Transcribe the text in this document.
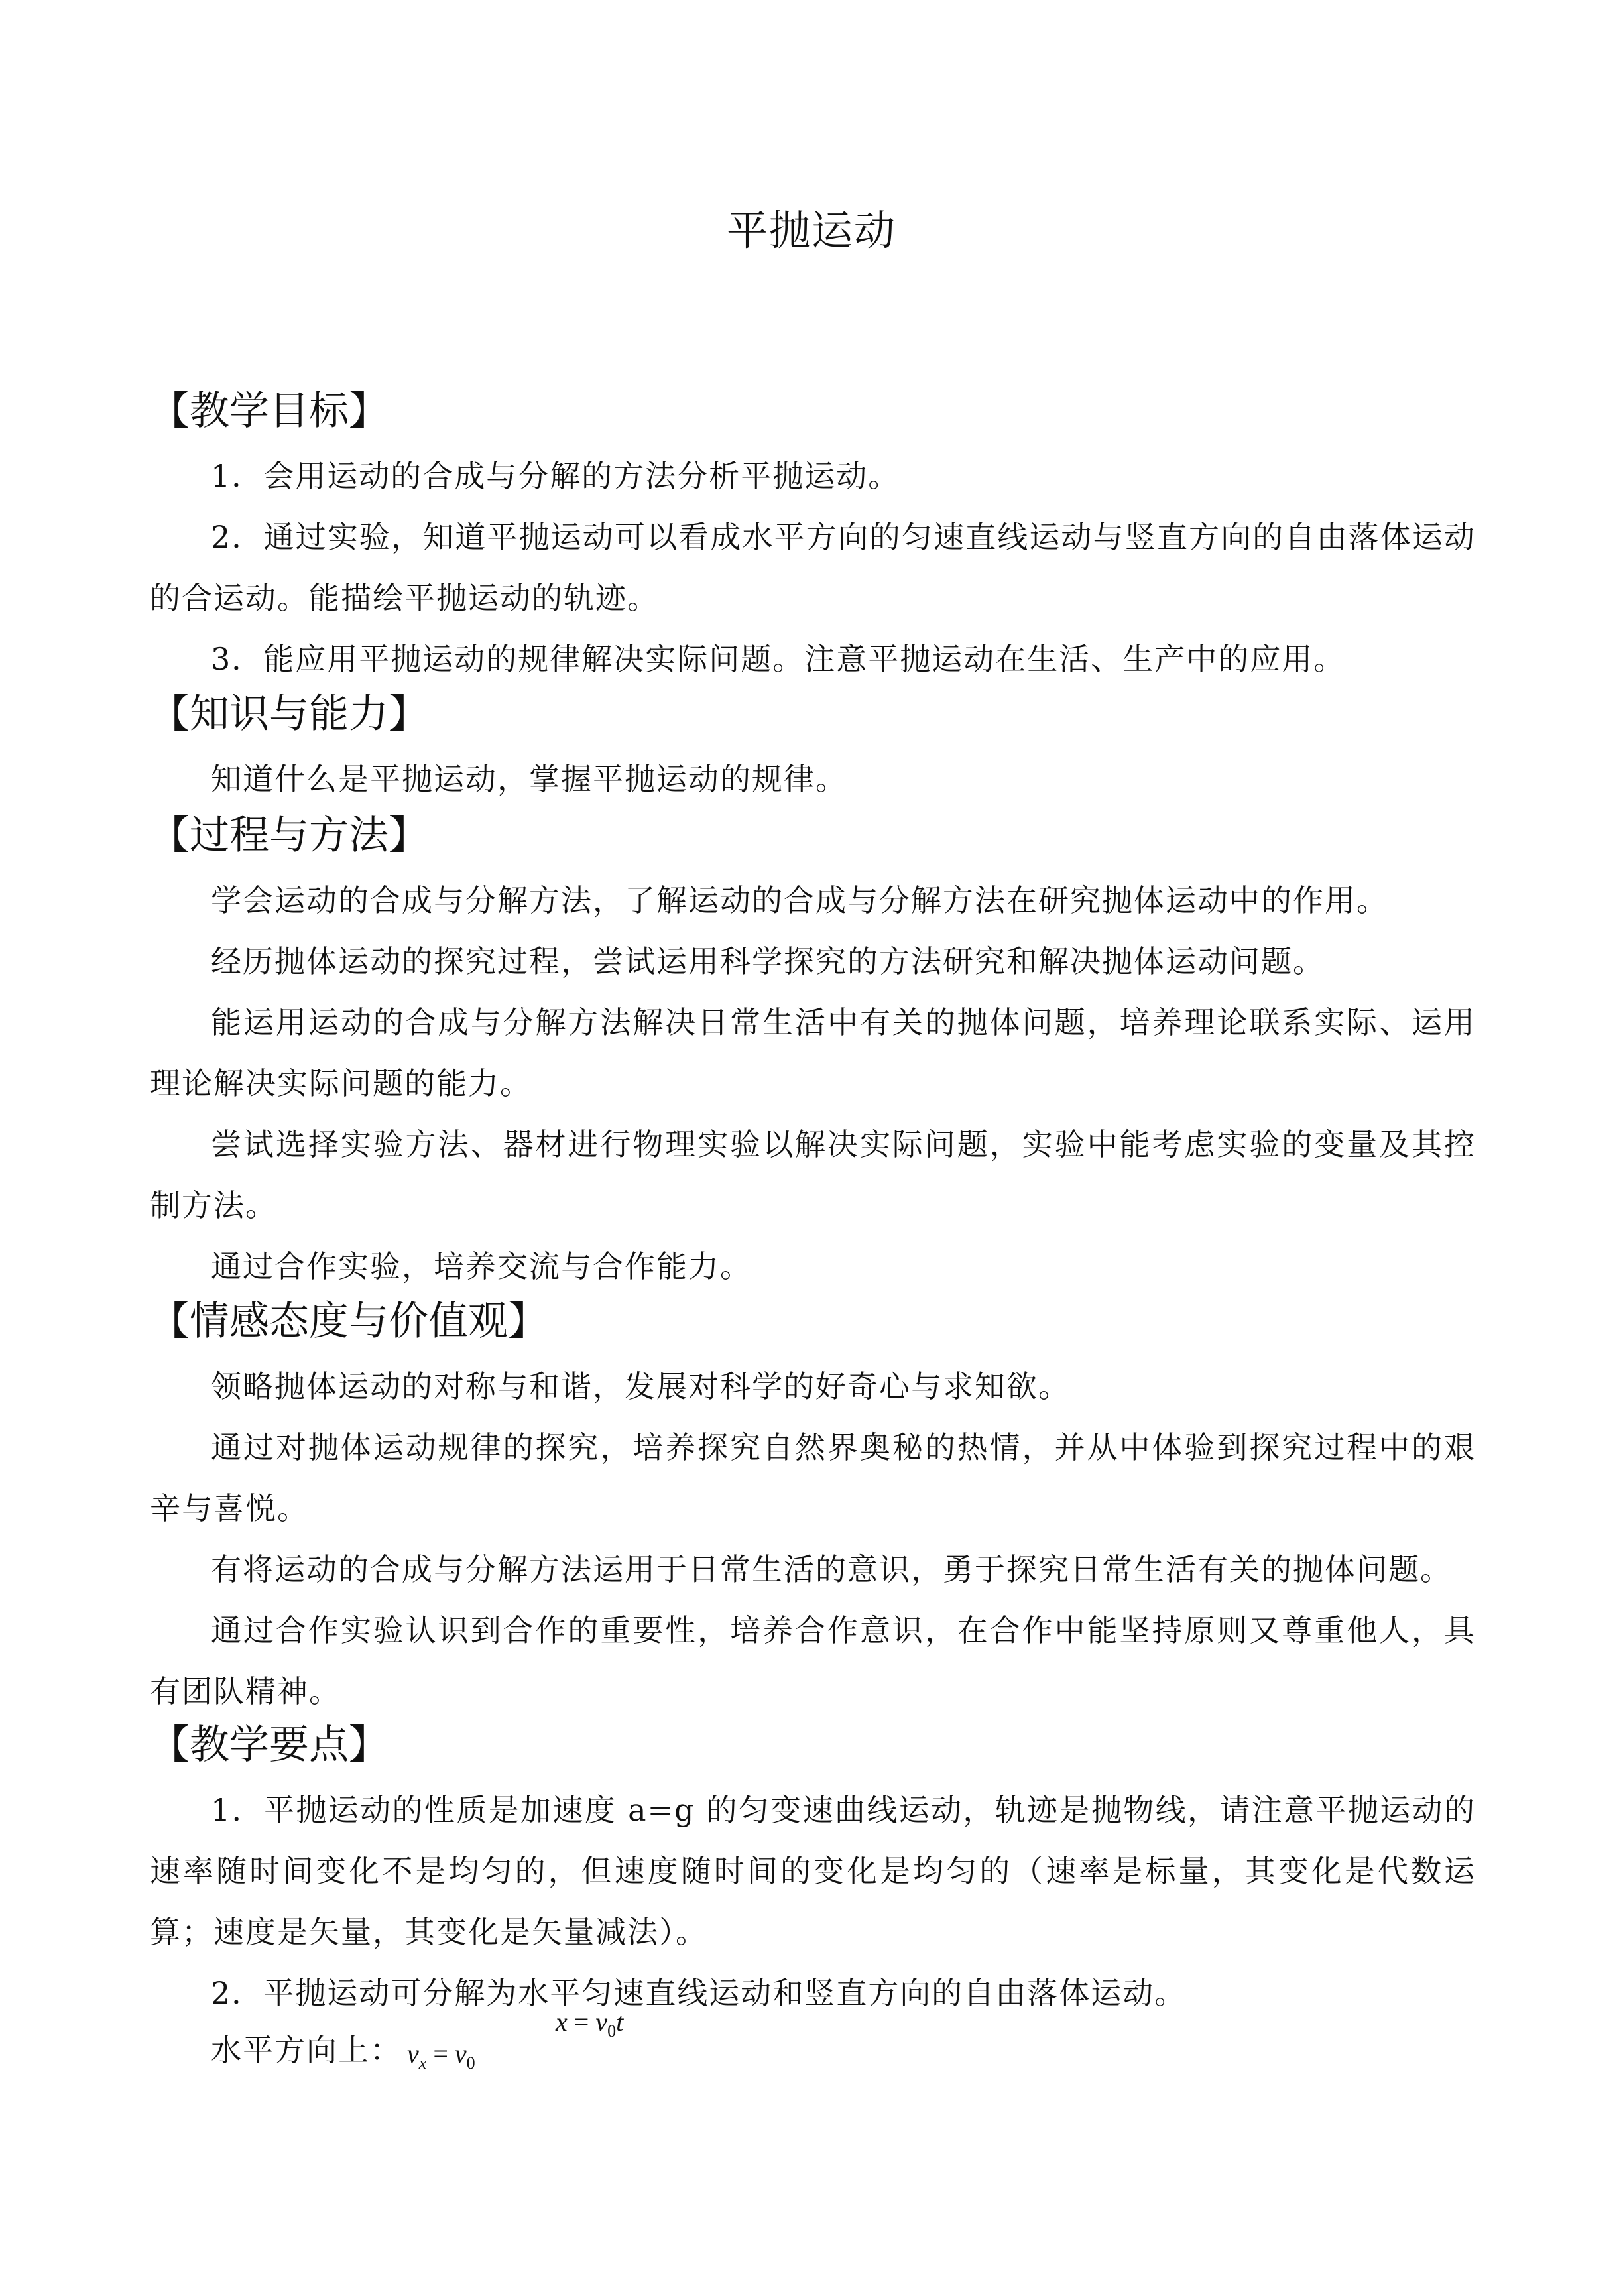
平抛运动
【教学目标】
1．会用运动的合成与分解的方法分析平抛运动。
2．通过实验，知道平抛运动可以看成水平方向的匀速直线运动与竖直方向的自由落体运动的合运动。能描绘平抛运动的轨迹。
3．能应用平抛运动的规律解决实际问题。注意平抛运动在生活、生产中的应用。
【知识与能力】
知道什么是平抛运动，掌握平抛运动的规律。
【过程与方法】
学会运动的合成与分解方法，了解运动的合成与分解方法在研究抛体运动中的作用。
经历抛体运动的探究过程，尝试运用科学探究的方法研究和解决抛体运动问题。
能运用运动的合成与分解方法解决日常生活中有关的抛体问题，培养理论联系实际、运用理论解决实际问题的能力。
尝试选择实验方法、器材进行物理实验以解决实际问题，实验中能考虑实验的变量及其控制方法。
通过合作实验，培养交流与合作能力。
【情感态度与价值观】
领略抛体运动的对称与和谐，发展对科学的好奇心与求知欲。
通过对抛体运动规律的探究，培养探究自然界奥秘的热情，并从中体验到探究过程中的艰辛与喜悦。
有将运动的合成与分解方法运用于日常生活的意识，勇于探究日常生活有关的抛体问题。
通过合作实验认识到合作的重要性，培养合作意识，在合作中能坚持原则又尊重他人，具有团队精神。
【教学要点】
1．平抛运动的性质是加速度 a=g 的匀变速曲线运动，轨迹是抛物线，请注意平抛运动的速率随时间变化不是均匀的，但速度随时间的变化是均匀的（速率是标量，其变化是代数运算；速度是矢量，其变化是矢量减法）。
2．平抛运动可分解为水平匀速直线运动和竖直方向的自由落体运动。
水平方向上： $v_x = v_0$
$x = v_0t$
